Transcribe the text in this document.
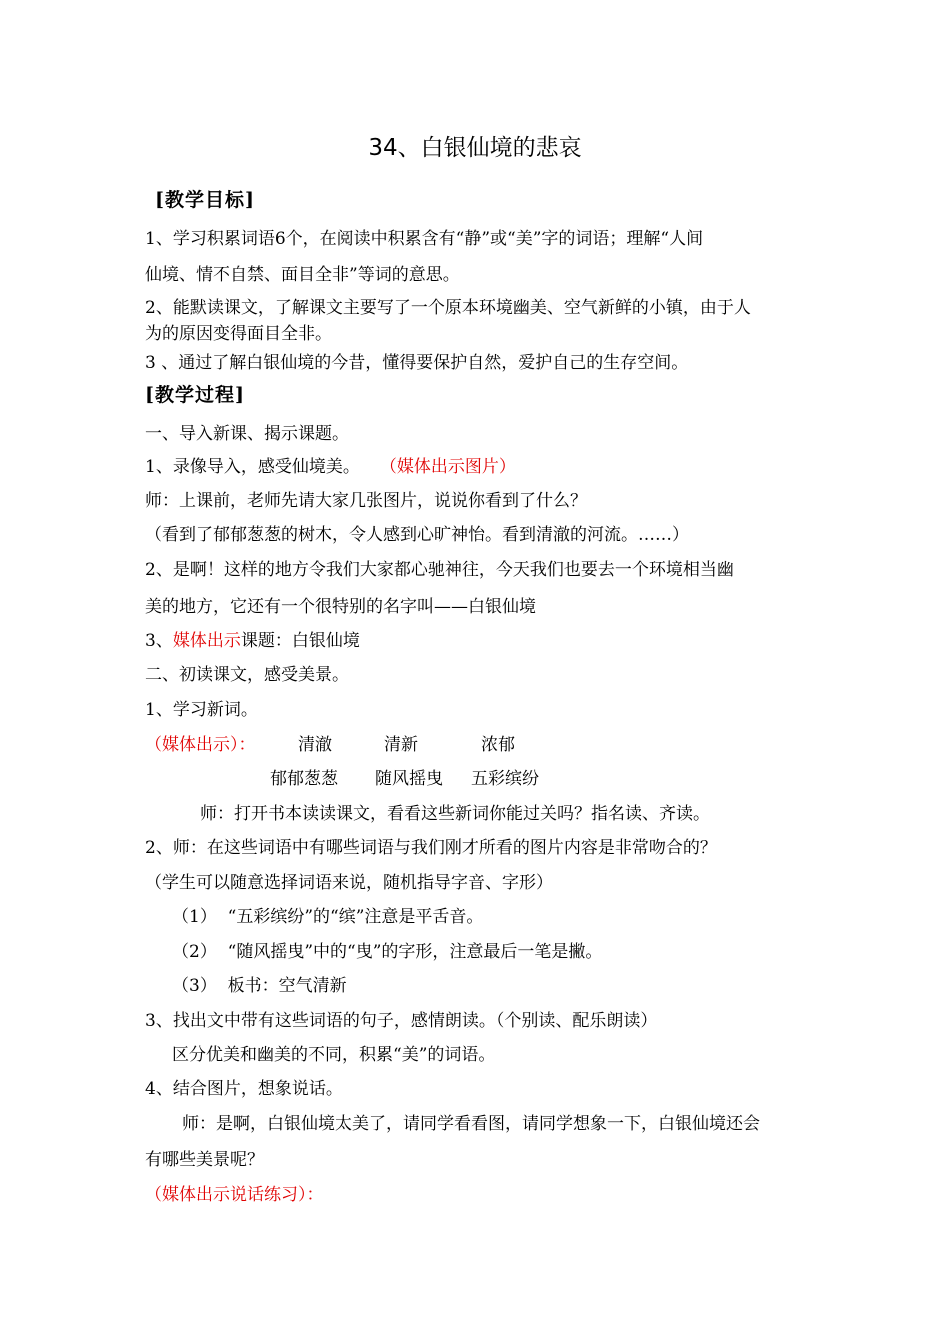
34、白银仙境的悲哀
[教学目标]
1、学习积累词语6个，在阅读中积累含有“静”或“美”字的词语；理解“人间
仙境、情不自禁、面目全非”等词的意思。
2、能默读课文，了解课文主要写了一个原本环境幽美、空气新鲜的小镇，由于人
为的原因变得面目全非。
3 、通过了解白银仙境的今昔，懂得要保护自然，爱护自己的生存空间。
[教学过程]
一、导入新课、揭示课题。
1、录像导入，感受仙境美。 （媒体出示图片）
师：上课前，老师先请大家几张图片，说说你看到了什么？
（看到了郁郁葱葱的树木，令人感到心旷神怡。看到清澈的河流。……）
2、是啊！这样的地方令我们大家都心驰神往，今天我们也要去一个环境相当幽
美的地方，它还有一个很特别的名字叫——白银仙境
3、媒体出示课题：白银仙境
二、初读课文，感受美景。
1、学习新词。
（媒体出示）：	清澈	清新	浓郁
郁郁葱葱 随风摇曳 五彩缤纷
师：打开书本读读课文，看看这些新词你能过关吗？指名读、齐读。
2、师：在这些词语中有哪些词语与我们刚才所看的图片内容是非常吻合的？
（学生可以随意选择词语来说，随机指导字音、字形）
（1）  “五彩缤纷”的“缤”注意是平舌音。
（2）  “随风摇曳”中的“曳”的字形，注意最后一笔是撇。
（3）  板书：空气清新
3、找出文中带有这些词语的句子，感情朗读。（个别读、配乐朗读）
区分优美和幽美的不同，积累“美”的词语。
4、结合图片，想象说话。
师：是啊，白银仙境太美了，请同学看看图，请同学想象一下，白银仙境还会
有哪些美景呢？
（媒体出示说话练习）：
